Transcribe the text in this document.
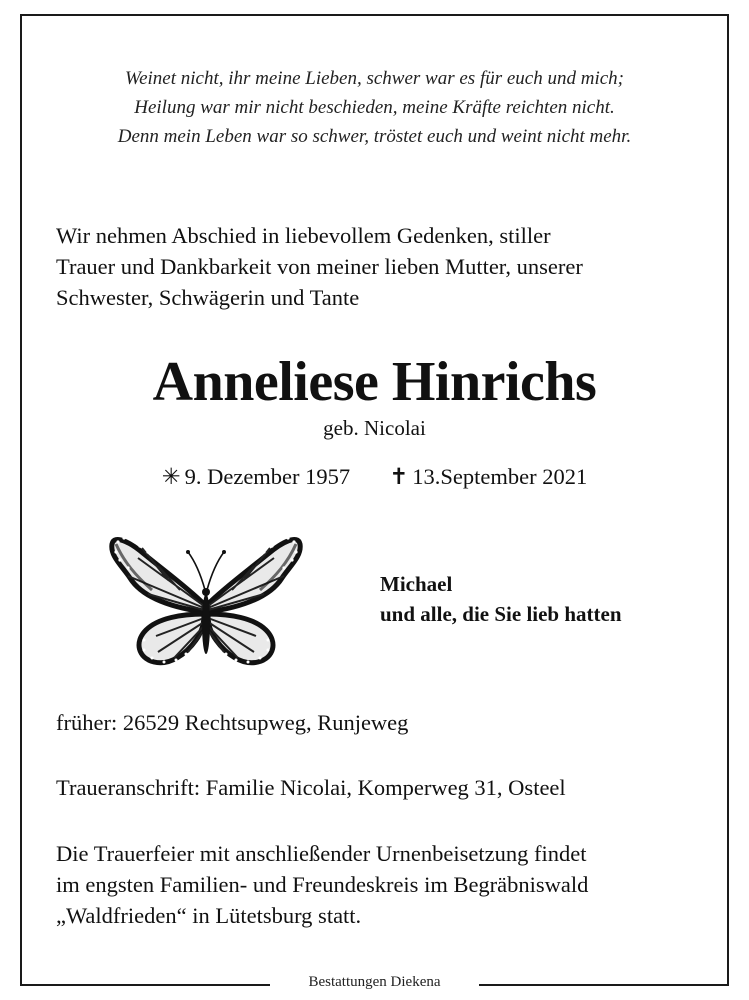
Weinet nicht, ihr meine Lieben, schwer war es für euch und mich;
Heilung war mir nicht beschieden, meine Kräfte reichten nicht.
Denn mein Leben war so schwer, tröstet euch und weint nicht mehr.
Wir nehmen Abschied in liebevollem Gedenken, stiller
Trauer und Dankbarkeit von meiner lieben Mutter, unserer
Schwester, Schwägerin und Tante
Anneliese Hinrichs
geb. Nicolai
✳ 9. Dezember 1957 ✝ 13.September 2021
Michael
und alle, die Sie lieb hatten
früher: 26529 Rechtsupweg, Runjeweg
Traueranschrift: Familie Nicolai, Komperweg 31, Osteel
Die Trauerfeier mit anschließender Urnenbeisetzung findet
im engsten Familien- und Freundeskreis im Begräbniswald
„Waldfrieden“ in Lütetsburg statt.
Bestattungen Diekena
